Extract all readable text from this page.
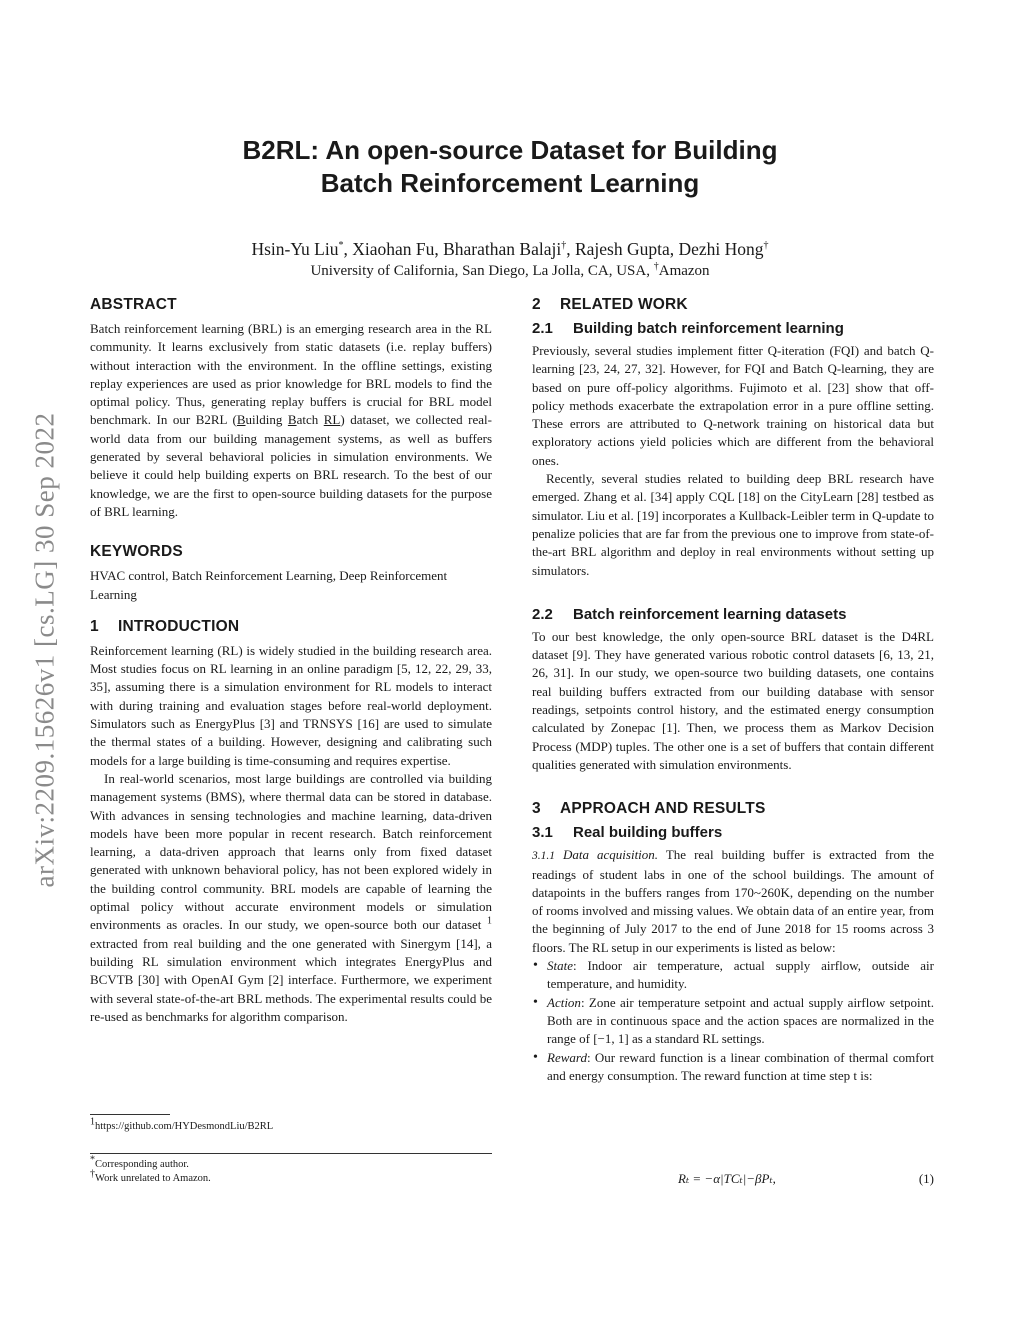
arXiv:2209.15626v1 [cs.LG] 30 Sep 2022
B2RL: An open-source Dataset for Building
Batch Reinforcement Learning
Hsin-Yu Liu*, Xiaohan Fu, Bharathan Balaji†, Rajesh Gupta, Dezhi Hong†
University of California, San Diego, La Jolla, CA, USA, †Amazon
ABSTRACT

Batch reinforcement learning (BRL) is an emerging research area in the RL community. It learns exclusively from static datasets (i.e. replay buffers) without interaction with the environment. In the offline settings, existing replay experiences are used as prior knowledge for BRL models to find the optimal policy. Thus, generating replay buffers is crucial for BRL model benchmark. In our B2RL (Building Batch RL) dataset, we collected real-world data from our building management systems, as well as buffers generated by several behavioral policies in simulation environments. We believe it could help building experts on BRL research. To the best of our knowledge, we are the first to open-source building datasets for the purpose of BRL learning.

KEYWORDS

HVAC control, Batch Reinforcement Learning, Deep Reinforcement Learning

1 INTRODUCTION

Reinforcement learning (RL) is widely studied in the building research area. Most studies focus on RL learning in an online paradigm [5, 12, 22, 29, 33, 35], assuming there is a simulation environment for RL models to interact with during training and evaluation stages before real-world deployment. Simulators such as EnergyPlus [3] and TRNSYS [16] are used to simulate the thermal states of a building. However, designing and calibrating such models for a large building is time-consuming and requires expertise.

In real-world scenarios, most large buildings are controlled via building management systems (BMS), where thermal data can be stored in database. With advances in sensing technologies and machine learning, data-driven models have been more popular in recent research. Batch reinforcement learning, a data-driven approach that learns only from fixed dataset generated with unknown behavioral policy, has not been explored widely in the building control community. BRL models are capable of learning the optimal policy without accurate environment models or simulation environments as oracles. In our study, we open-source both our dataset $^1$ extracted from real building and the one generated with Sinergym [14], a building RL simulation environment which integrates EnergyPlus and BCVTB [30] with OpenAI Gym [2] interface. Furthermore, we experiment with several state-of-the-art BRL methods. The experimental results could be re-used as benchmarks for algorithm comparison.

$^1$https://github.com/HYDesmondLiu/B2RL
*Corresponding author.
†Work unrelated to Amazon.
2 RELATED WORK
2.1 Building batch reinforcement learning

Previously, several studies implement fitter Q-iteration (FQI) and batch Q-learning [23, 24, 27, 32]. However, for FQI and Batch Q-learning, they are based on pure off-policy algorithms. Fujimoto et al. [23] show that off-policy methods exacerbate the extrapolation error in a pure offline setting. These errors are attributed to Q-network training on historical data but exploratory actions yield policies which are different from the behavioral ones.

Recently, several studies related to building deep BRL research have emerged. Zhang et al. [34] apply CQL [18] on the CityLearn [28] testbed as simulator. Liu et al. [19] incorporates a Kullback-Leibler term in Q-update to penalize policies that are far from the previous one to improve from state-of-the-art BRL algorithm and deploy in real environments without setting up simulators.

2.2 Batch reinforcement learning datasets

To our best knowledge, the only open-source BRL dataset is the D4RL dataset [9]. They have generated various robotic control datasets [6, 13, 21, 26, 31]. In our study, we open-source two building datasets, one contains real building buffers extracted from our building database with sensor readings, setpoints control history, and the estimated energy consumption calculated by Zonepac [1]. Then, we process them as Markov Decision Process (MDP) tuples. The other one is a set of buffers that contain different qualities generated with simulation environments.

3 APPROACH AND RESULTS
3.1 Real building buffers

3.1.1 Data acquisition. The real building buffer is extracted from the readings of student labs in one of the school buildings. The amount of datapoints in the buffers ranges from 170~260K, depending on the number of rooms involved and missing values. We obtain data of an entire year, from the beginning of July 2017 to the end of June 2018 for 15 rooms across 3 floors. The RL setup in our experiments is listed as below:

• State: Indoor air temperature, actual supply airflow, outside air temperature, and humidity.
• Action: Zone air temperature setpoint and actual supply airflow setpoint. Both are in continuous space and the action spaces are normalized in the range of [−1, 1] as a standard RL settings.
• Reward: Our reward function is a linear combination of thermal comfort and energy consumption. The reward function at time step t is:
Rₜ = −α|TCₜ|−βPₜ,	(1)
